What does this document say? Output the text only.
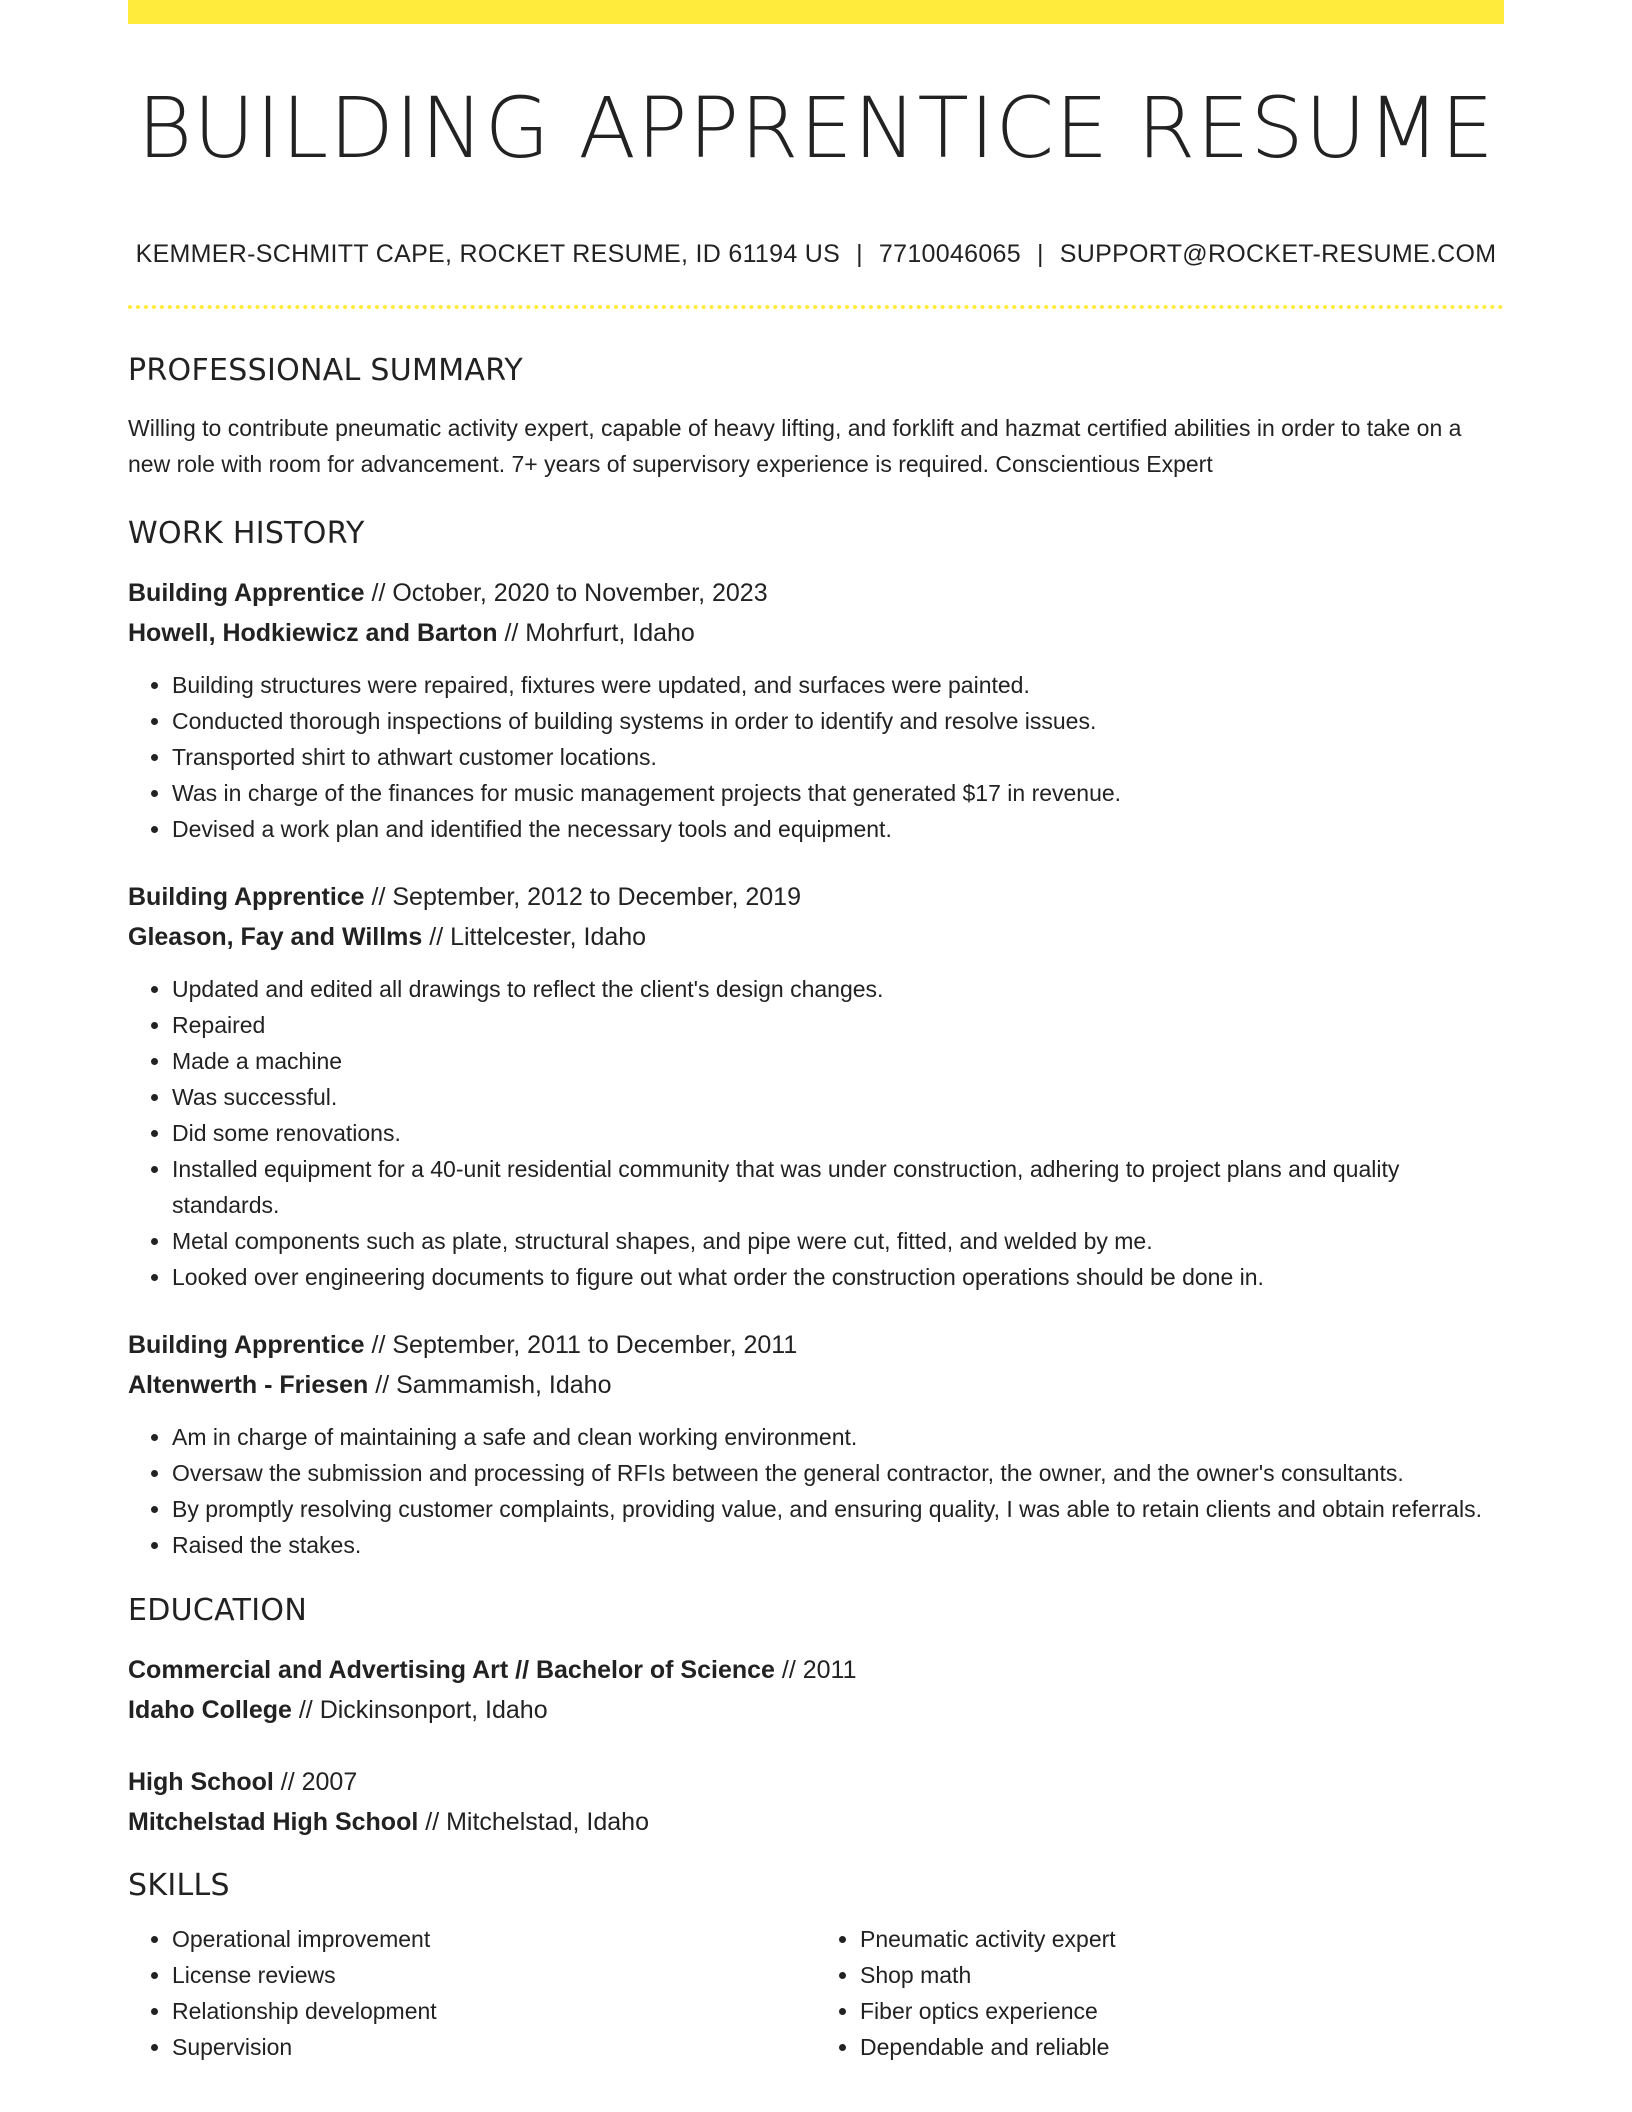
BUILDING APPRENTICE RESUME
KEMMER-SCHMITT CAPE, ROCKET RESUME, ID 61194 US | 7710046065 | SUPPORT@ROCKET-RESUME.COM
PROFESSIONAL SUMMARY

Willing to contribute pneumatic activity expert, capable of heavy lifting, and forklift and hazmat certified abilities in order to take on a new role with room for advancement. 7+ years of supervisory experience is required. Conscientious Expert

WORK HISTORY
Building Apprentice // October, 2020 to November, 2023
Howell, Hodkiewicz and Barton // Mohrfurt, Idaho
• Building structures were repaired, fixtures were updated, and surfaces were painted.
• Conducted thorough inspections of building systems in order to identify and resolve issues.
• Transported shirt to athwart customer locations.
• Was in charge of the finances for music management projects that generated $17 in revenue.
• Devised a work plan and identified the necessary tools and equipment.
Building Apprentice // September, 2012 to December, 2019
Gleason, Fay and Willms // Littelcester, Idaho
• Updated and edited all drawings to reflect the client's design changes.
• Repaired
• Made a machine
• Was successful.
• Did some renovations.
• Installed equipment for a 40-unit residential community that was under construction, adhering to project plans and quality standards.
• Metal components such as plate, structural shapes, and pipe were cut, fitted, and welded by me.
• Looked over engineering documents to figure out what order the construction operations should be done in.
Building Apprentice // September, 2011 to December, 2011
Altenwerth - Friesen // Sammamish, Idaho
• Am in charge of maintaining a safe and clean working environment.
• Oversaw the submission and processing of RFIs between the general contractor, the owner, and the owner's consultants.
• By promptly resolving customer complaints, providing value, and ensuring quality, I was able to retain clients and obtain referrals.
• Raised the stakes.
EDUCATION
Commercial and Advertising Art // Bachelor of Science // 2011
Idaho College // Dickinsonport, Idaho
High School // 2007
Mitchelstad High School // Mitchelstad, Idaho
SKILLS
• Operational improvement
• License reviews
• Relationship development
• Supervision
• Pneumatic activity expert
• Shop math
• Fiber optics experience
• Dependable and reliable
